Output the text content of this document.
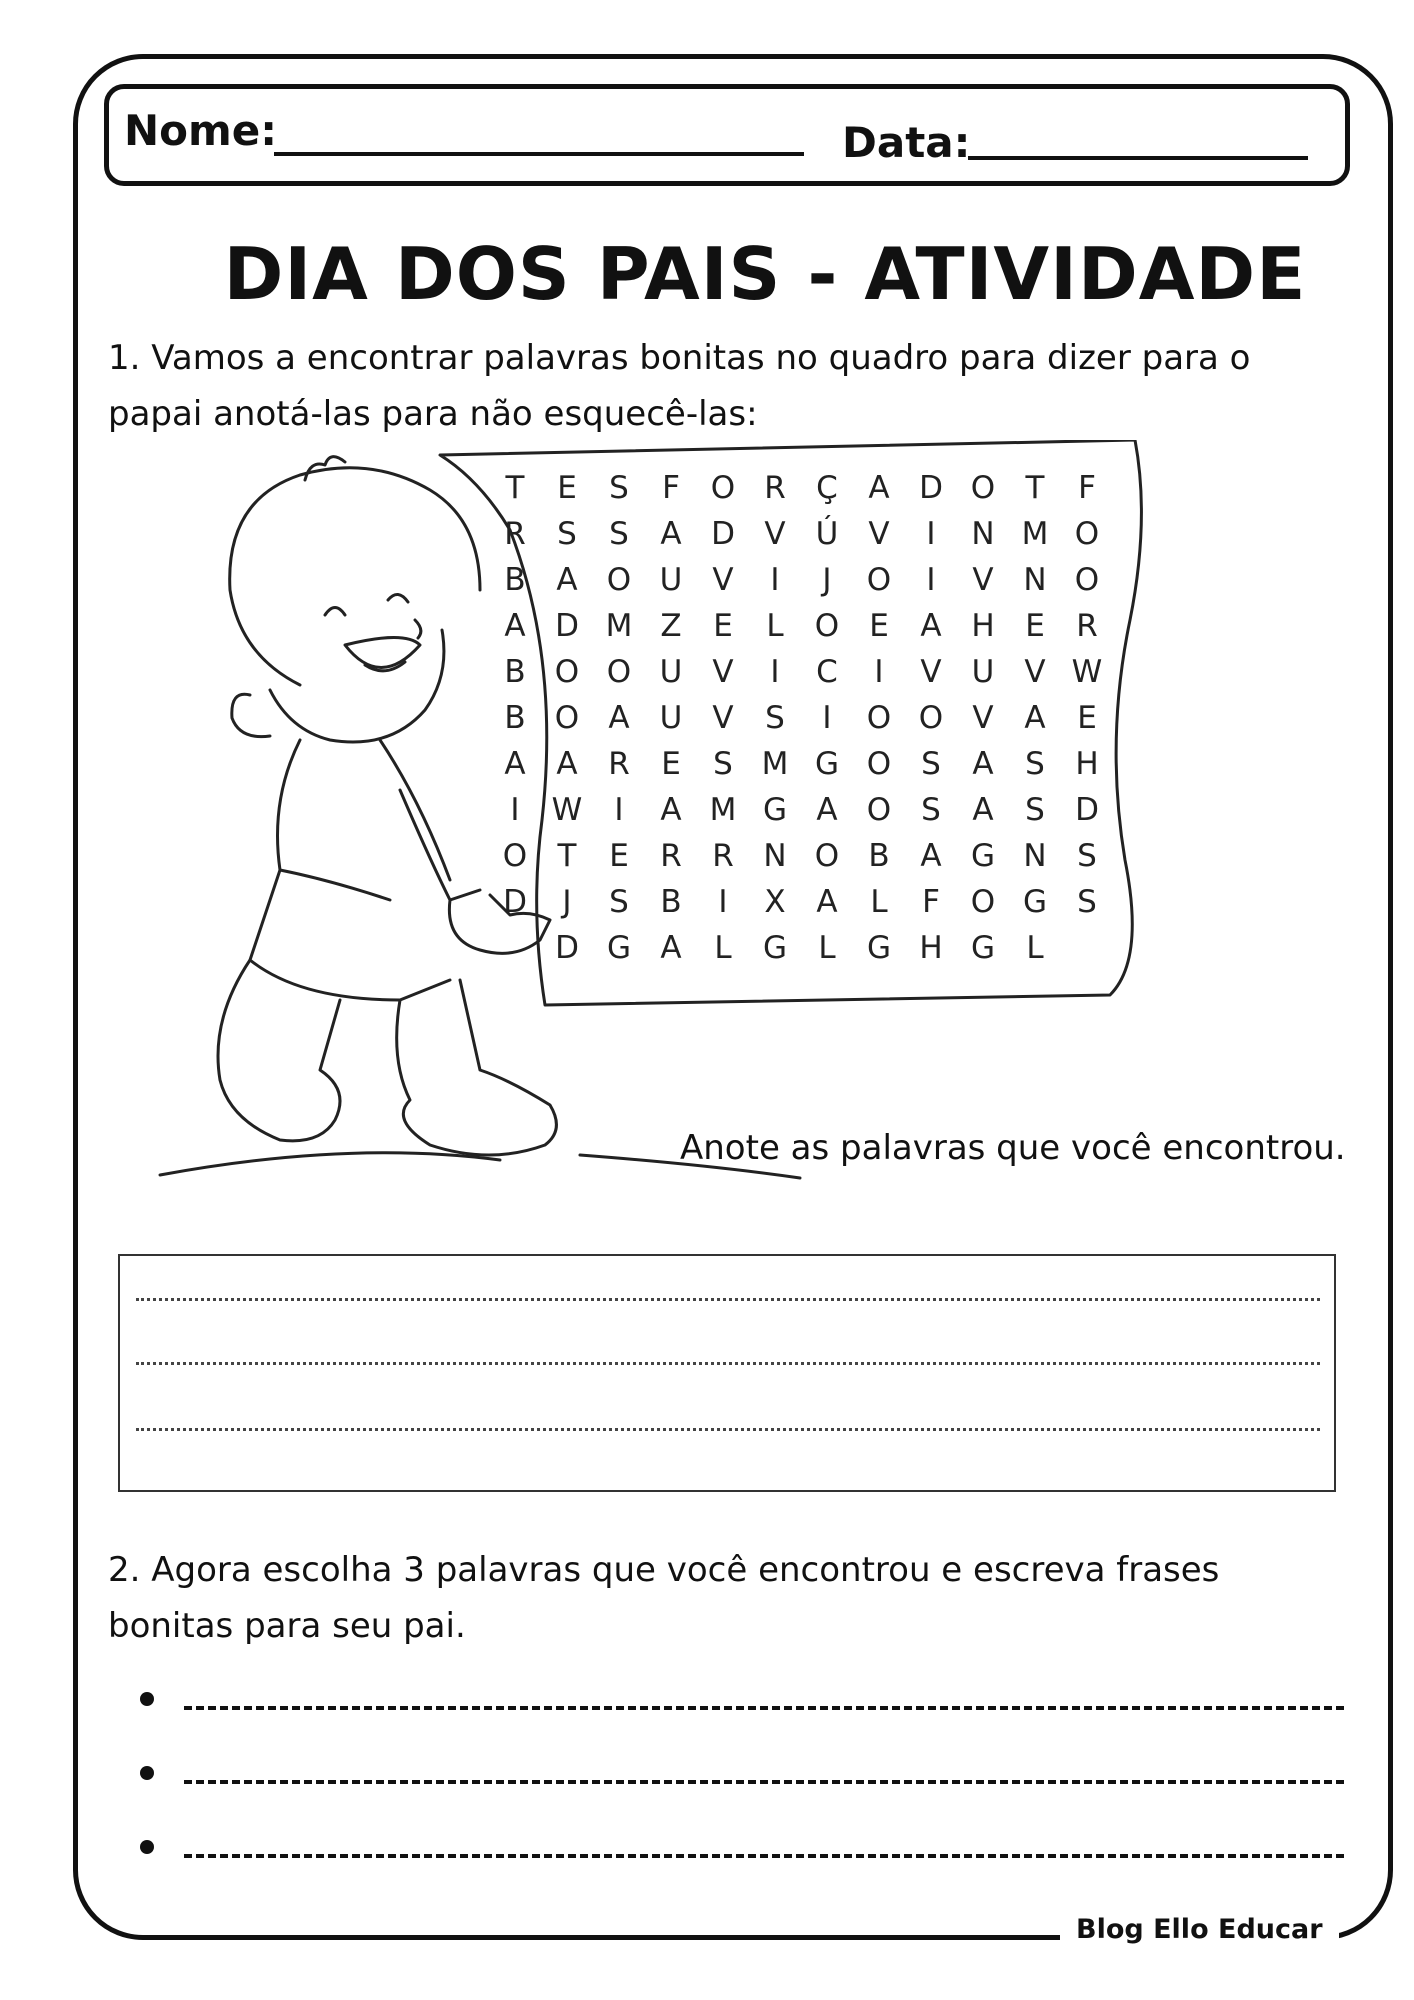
Nome:	Data:
DIA DOS PAIS - ATIVIDADE
1. Vamos a encontrar palavras bonitas no quadro para dizer para o papai anotá-las para não esquecê-las:
T E S F O R Ç A D O T F
R S S A D V Ú V I N M O
B A O U V I J O I V N O
A D M Z E L O E A H E R
B O O U V I C I V U V W
B O A U V S I O O V A E
A A R E S M G O S A S H
I W I A M G A O S A S D
O T E R R N O B A G N S
D J S B I X A L F O G S
D G A L G L G H G L
Anote as palavras que você encontrou.
2. Agora escolha 3 palavras que você encontrou e escreva frases bonitas para seu pai.
Blog Ello Educar
